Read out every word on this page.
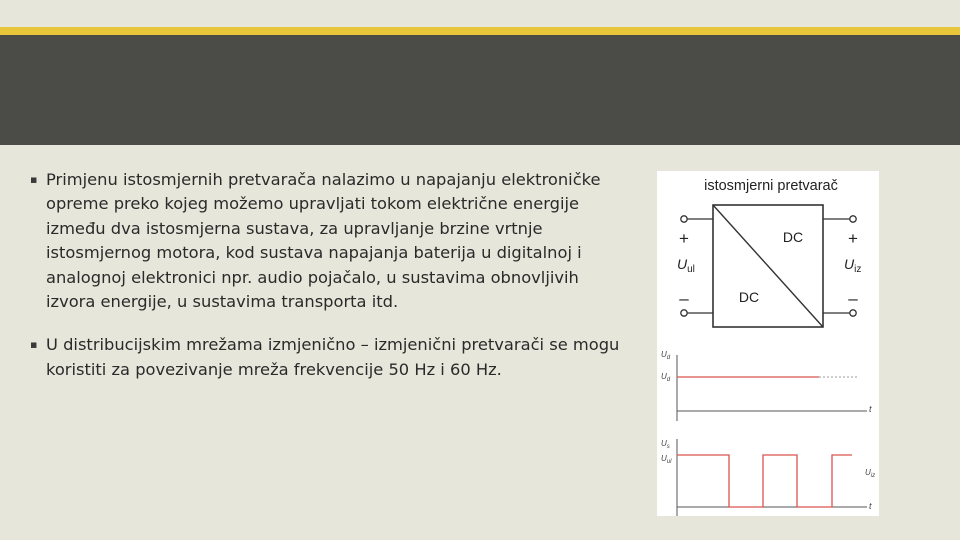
▪ Primjenu istosmjernih pretvarača nalazimo u napajanju elektroničke opreme preko kojeg možemo upravljati tokom električne energije između dva istosmjerna sustava, za upravljanje brzine vrtnje istosmjernog motora, kod sustava napajanja baterija u digitalnoj i analognoj elektronici npr. audio pojačalo, u sustavima obnovljivih izvora energije, u sustavima transporta itd.

▪ U distribucijskim mrežama izmjenično – izmjenični pretvarači se mogu koristiti za povezivanje mreža frekvencije 50 Hz i 60 Hz.

istosmjerni pretvarač
DC
DC
+	+
–	–
$U_{ul}$	$U_{iz}$
$U_d$
$U_d$
t
$U_s$
$U_{ul}$
$U_{iz}$
t
